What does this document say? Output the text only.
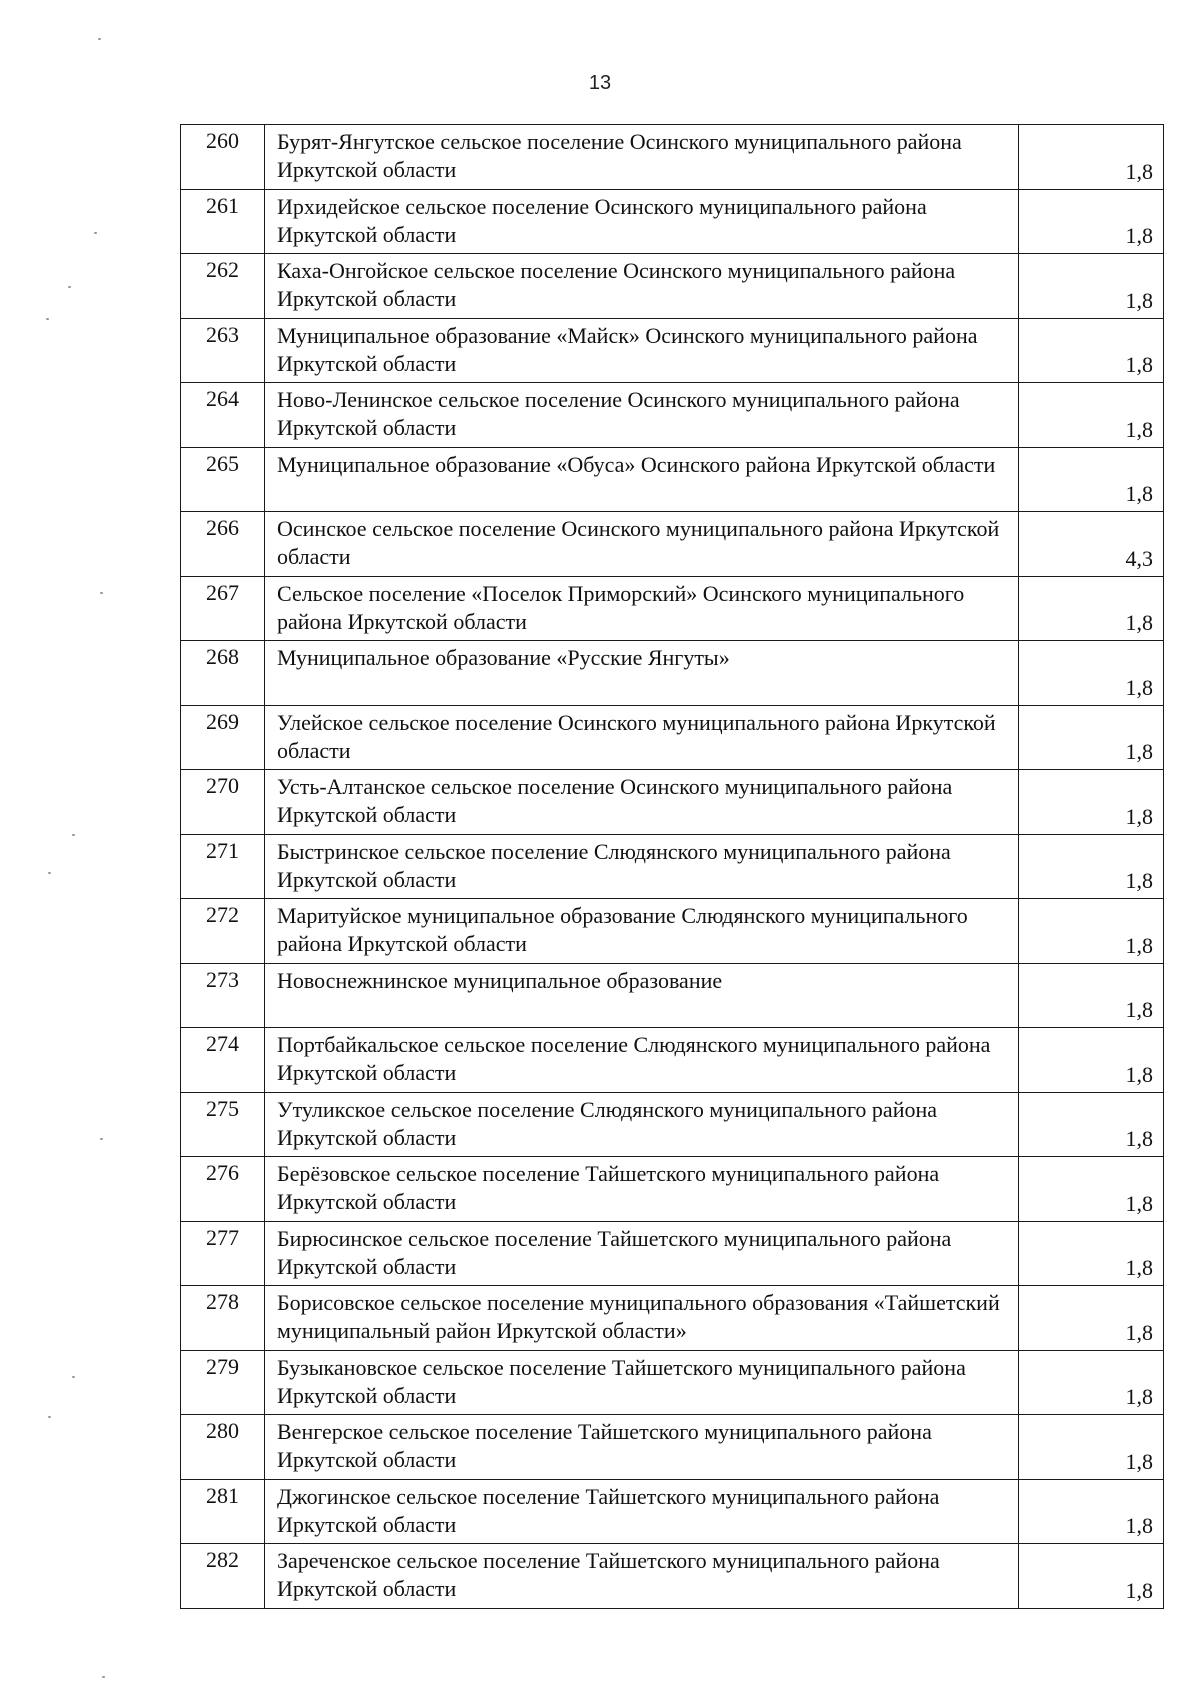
13
260	Бурят-Янгутское сельское поселение Осинского муниципального района Иркутской области	1,8
261	Ирхидейское сельское поселение Осинского муниципального района Иркутской области	1,8
262	Каха-Онгойское сельское поселение Осинского муниципального района Иркутской области	1,8
263	Муниципальное образование «Майск» Осинского муниципального района Иркутской области	1,8
264	Ново-Ленинское сельское поселение Осинского муниципального района Иркутской области	1,8
265	Муниципальное образование «Обуса» Осинского района Иркутской области	1,8
266	Осинское сельское поселение Осинского муниципального района Иркутской области	4,3
267	Сельское поселение «Поселок Приморский» Осинского муниципального района Иркутской области	1,8
268	Муниципальное образование «Русские Янгуты»	1,8
269	Улейское сельское поселение Осинского муниципального района Иркутской области	1,8
270	Усть-Алтанское сельское поселение Осинского муниципального района Иркутской области	1,8
271	Быстринское сельское поселение Слюдянского муниципального района Иркутской области	1,8
272	Маритуйское муниципальное образование Слюдянского муниципального района Иркутской области	1,8
273	Новоснежнинское муниципальное образование	1,8
274	Портбайкальское сельское поселение Слюдянского муниципального района Иркутской области	1,8
275	Утуликское сельское поселение Слюдянского муниципального района Иркутской области	1,8
276	Берёзовское сельское поселение Тайшетского муниципального района Иркутской области	1,8
277	Бирюсинское сельское поселение Тайшетского муниципального района Иркутской области	1,8
278	Борисовское сельское поселение муниципального образования «Тайшетский муниципальный район Иркутской области»	1,8
279	Бузыкановское сельское поселение Тайшетского муниципального района Иркутской области	1,8
280	Венгерское сельское поселение Тайшетского муниципального района Иркутской области	1,8
281	Джогинское сельское поселение Тайшетского муниципального района Иркутской области	1,8
282	Зареченское сельское поселение Тайшетского муниципального района Иркутской области	1,8
